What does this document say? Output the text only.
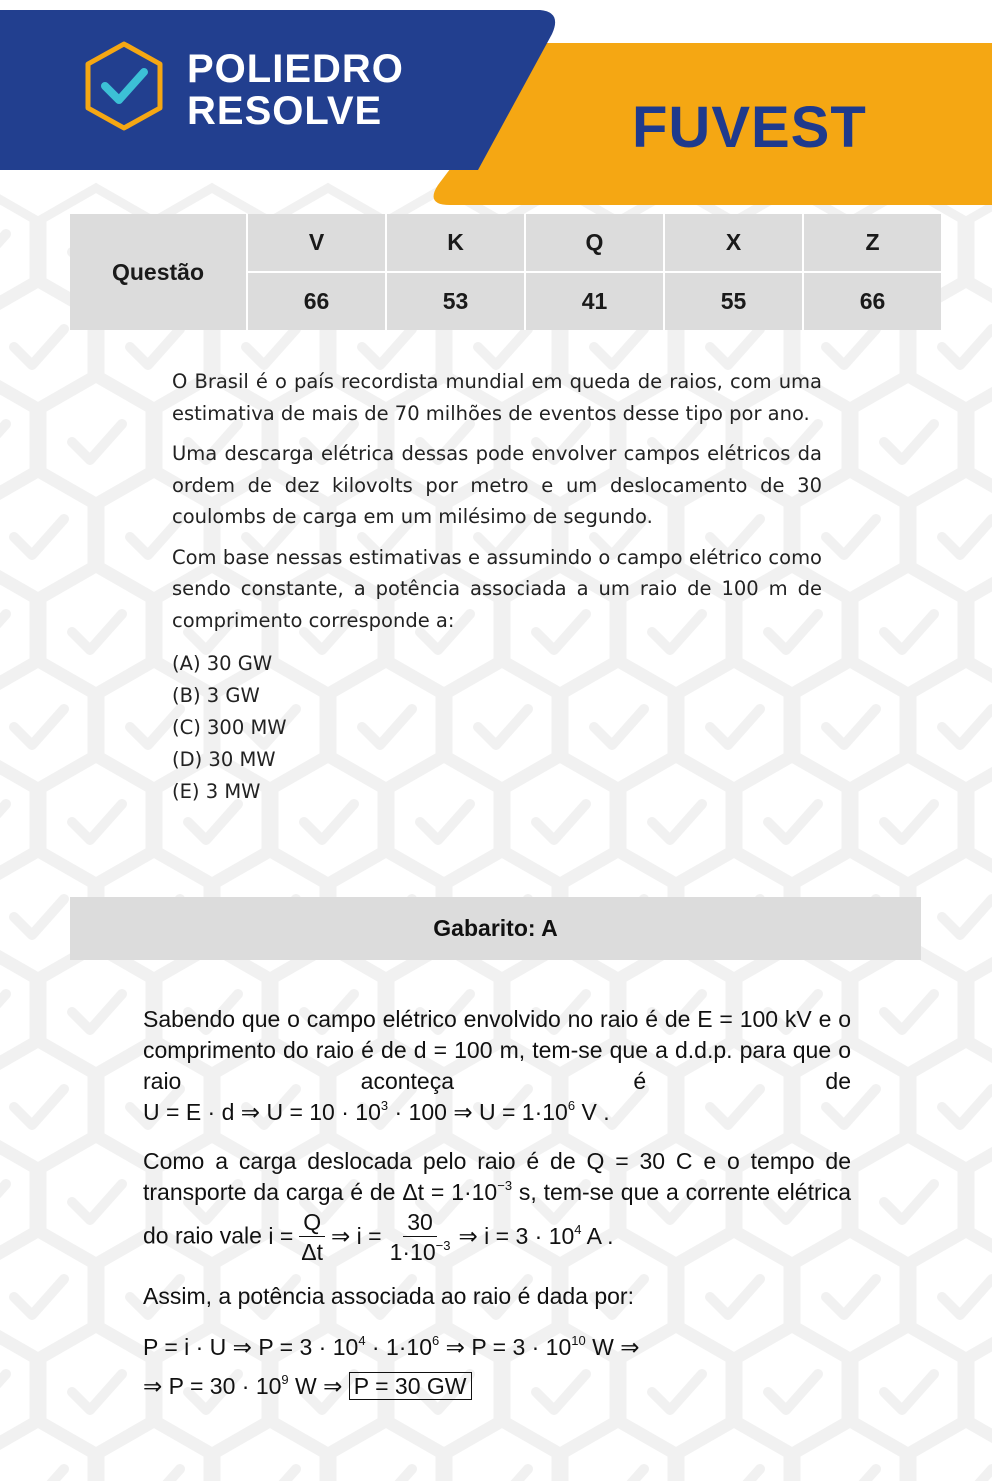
POLIEDRO
RESOLVE	FUVEST
Questão
V	K	Q	X	Z
66	53	41	55	66

O Brasil é o país recordista mundial em queda de raios, com uma estimativa de mais de 70 milhões de eventos desse tipo por ano.

Uma descarga elétrica dessas pode envolver campos elétricos da ordem de dez kilovolts por metro e um deslocamento de 30 coulombs de carga em um milésimo de segundo.

Com base nessas estimativas e assumindo o campo elétrico como sendo constante, a potência associada a um raio de 100 m de comprimento corresponde a:

(A) 30 GW
(B) 3 GW
(C) 300 MW
(D) 30 MW
(E) 3 MW
Gabarito: A

Sabendo que o campo elétrico envolvido no raio é de E = 100 kV e o comprimento do raio é de d = 100 m, tem-se que a d.d.p. para que o raio aconteça é de

U = E · d ⇒ $U = 10 \cdot 10^3 \cdot 100$ ⇒ $U = 1\cdot 10^6$ V .

Como a carga deslocada pelo raio é de Q = 30 C e o tempo de transporte da carga é de $\Delta t = 1\cdot 10^{-3}$ s, tem-se que a corrente elétrica do raio vale $i = \frac{Q}{\Delta t}$ ⇒ $i = \frac{30}{1\cdot 10^{-3}}$ ⇒ $i = 3 \cdot 10^4$ A .

Assim, a potência associada ao raio é dada por:

P = i · U ⇒ $P = 3 \cdot 10^4 \cdot 1\cdot 10^6$ ⇒ $P = 3 \cdot 10^{10}$ W ⇒

⇒ $P = 30 \cdot 10^9$ W ⇒ P = 30 GW
